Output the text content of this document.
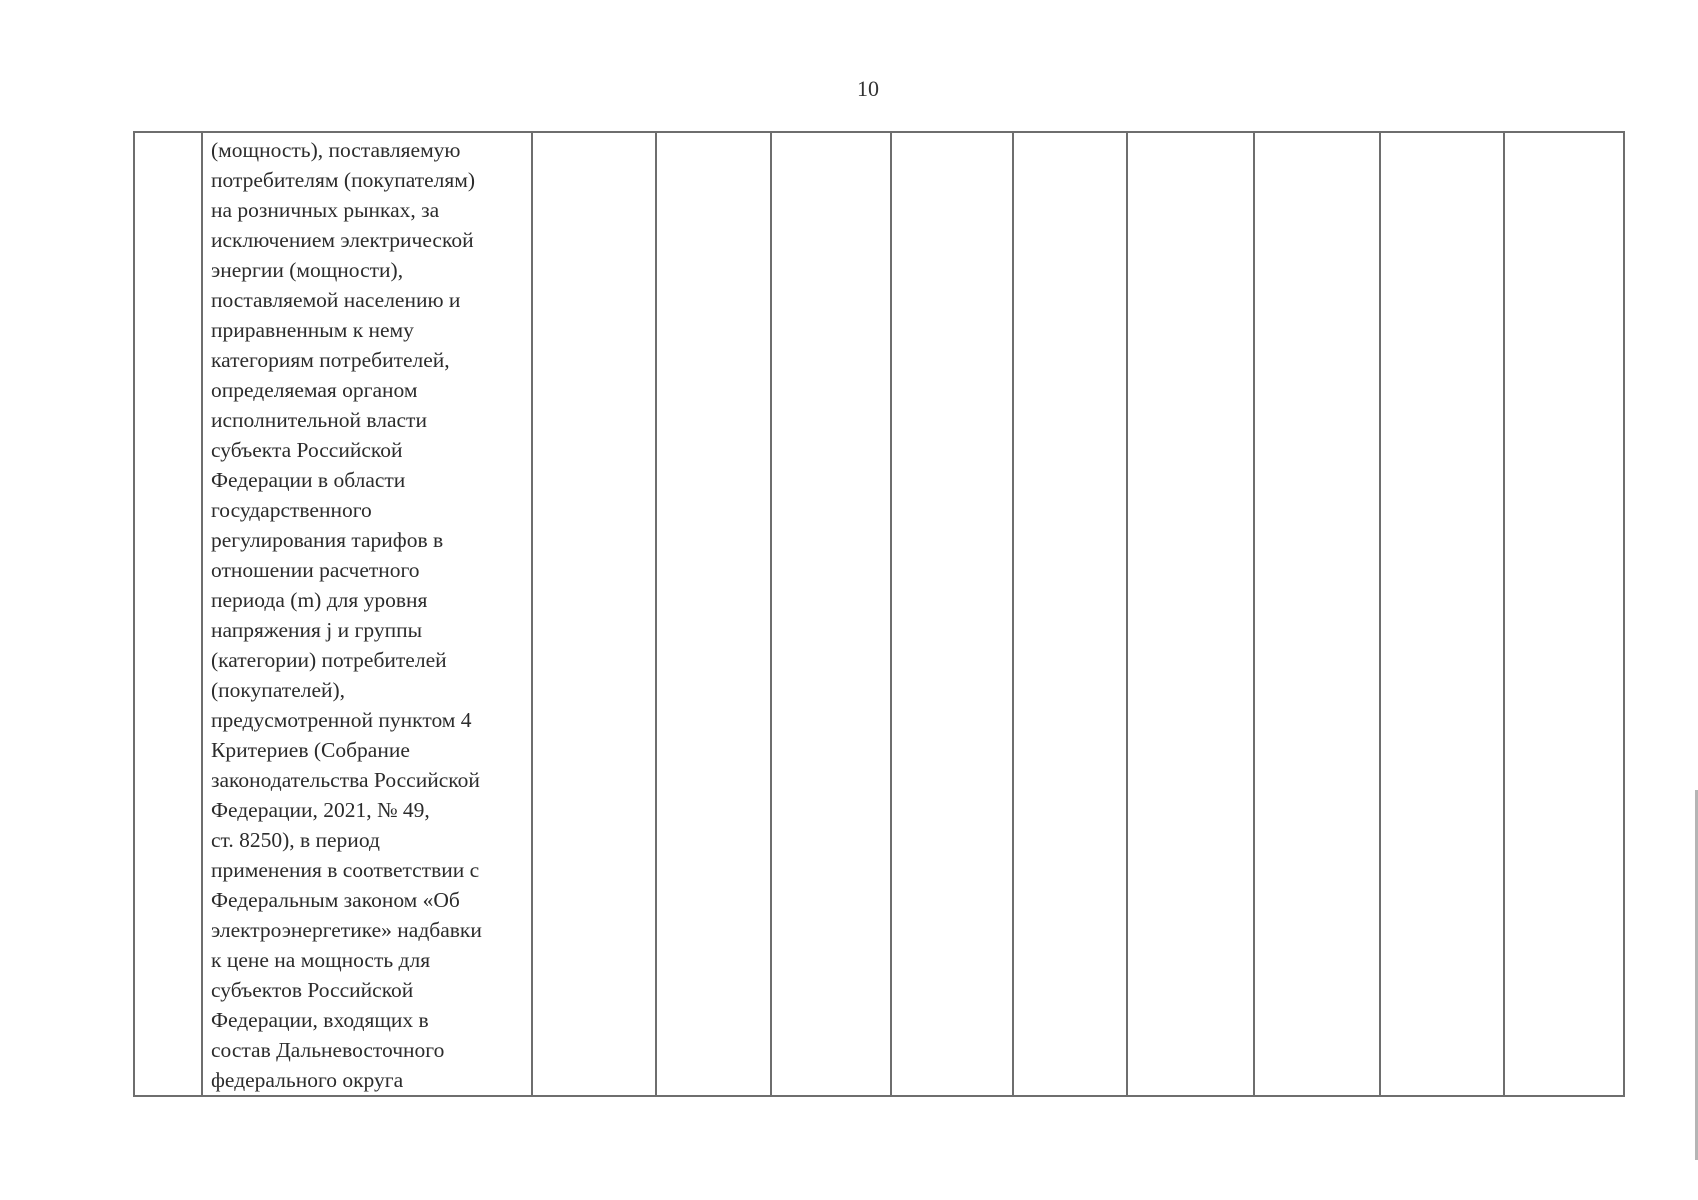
10

(мощность), поставляемую
потребителям (покупателям)
на розничных рынках, за
исключением электрической
энергии (мощности),
поставляемой населению и
приравненным к нему
категориям потребителей,
определяемая органом
исполнительной власти
субъекта Российской
Федерации в области
государственного
регулирования тарифов в
отношении расчетного
периода (m) для уровня
напряжения j и группы
(категории) потребителей
(покупателей),
предусмотренной пунктом 4
Критериев (Собрание
законодательства Российской
Федерации, 2021, № 49,
ст. 8250), в период
применения в соответствии с
Федеральным законом «Об
электроэнергетике» надбавки
к цене на мощность для
субъектов Российской
Федерации, входящих в
состав Дальневосточного
федерального округа
